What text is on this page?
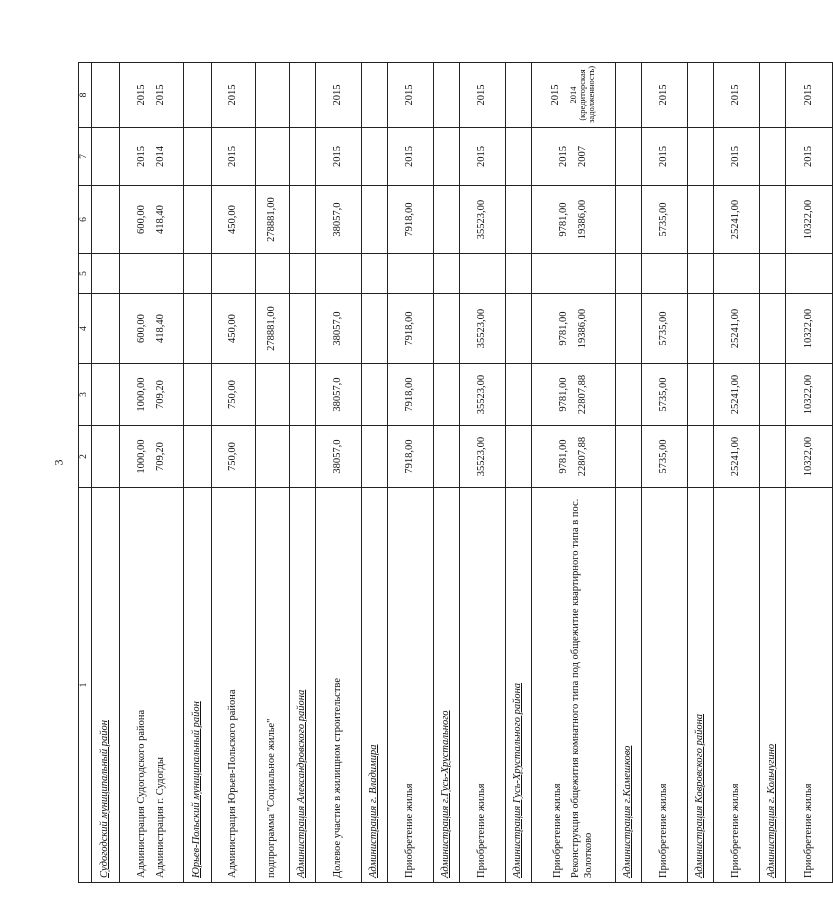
3
1	2	3	4	5	6	7	8
Судогодский муниципальный район							

Администрация Судогодского района Администрация г. Судогды	1000,00 709,20	1000,00 709,20	600,00 418,40		600,00 418,40	2015 2014	2015 2015

Юрьев-Польский муниципальный район							

Администрация Юрьев-Польского района	750,00	750,00	450,00		450,00	2015	2015

подпрограмма "Социальное жилье"			278881,00		278881,00		

Администрация Александровского района							

Долевое участие в жилищном строительстве	38057,0	38057,0	38057,0		38057,0	2015	2015

Администрация г. Владимира							

Приобретение жилья	7918,00	7918,00	7918,00		7918,00	2015	2015

Администрация г.Гусь-Хрустального							

Приобретение жилья	35523,00	35523,00	35523,00		35523,00	2015	2015

Администрация Гусь-Хрустального района							

Приобретение жилья Реконструкция общежития комнатного типа под общежитие квартирного типа в пос. Золотково	9781,00 22807,88	9781,00 22807,88	9781,00 19386,00		9781,00 19386,00	2015 2007	2015 2014 (кредиторская задолженность)

Администрация г.Камешково							

Приобретение жилья	5735,00	5735,00	5735,00		5735,00	2015	2015

Администрация Ковровского района							

Приобретение жилья	25241,00	25241,00	25241,00		25241,00	2015	2015

Администрация г. Кольчугино							

Приобретение жилья	10322,00	10322,00	10322,00		10322,00	2015	2015
